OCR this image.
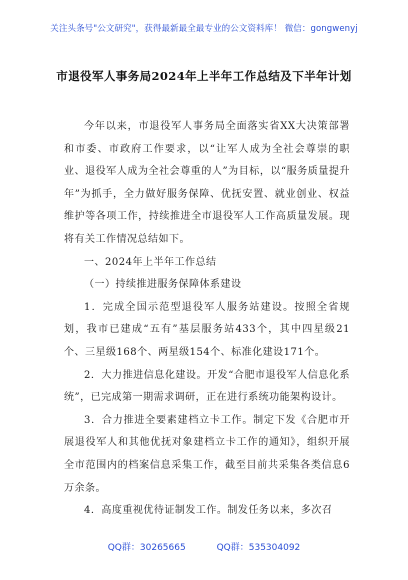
关注头条号"公文研究"，获得最新最全最专业的公文资料库！ 微信：gongwenyj
市退役军人事务局2024年上半年工作总结及下半年计划

今年以来，市退役军人事务局全面落实省XX大决策部署和市委、市政府工作要求，以“让军人成为全社会尊崇的职业、退役军人成为全社会尊重的人”为目标，以“服务质量提升年”为抓手，全力做好服务保障、优抚安置、就业创业、权益维护等各项工作，持续推进全市退役军人工作高质量发展。现将有关工作情况总结如下。

一、2024年上半年工作总结

（一）持续推进服务保障体系建设

1．完成全国示范型退役军人服务站建设。按照全省规划，我市已建成“五有”基层服务站433个，其中四星级21个、三星级168个、两星级154个、标准化建设171个。

2．大力推进信息化建设。开发“合肥市退役军人信息化系统”，已完成第一期需求调研，正在进行系统功能架构设计。

3．合力推进全要素建档立卡工作。制定下发《合肥市开展退役军人和其他优抚对象建档立卡工作的通知》，组织开展全市范围内的档案信息采集工作，截至目前共采集各类信息6万余条。

4．高度重视优待证制发工作。制发任务以来，多次召

QQ群：30265665	QQ群：535304092
